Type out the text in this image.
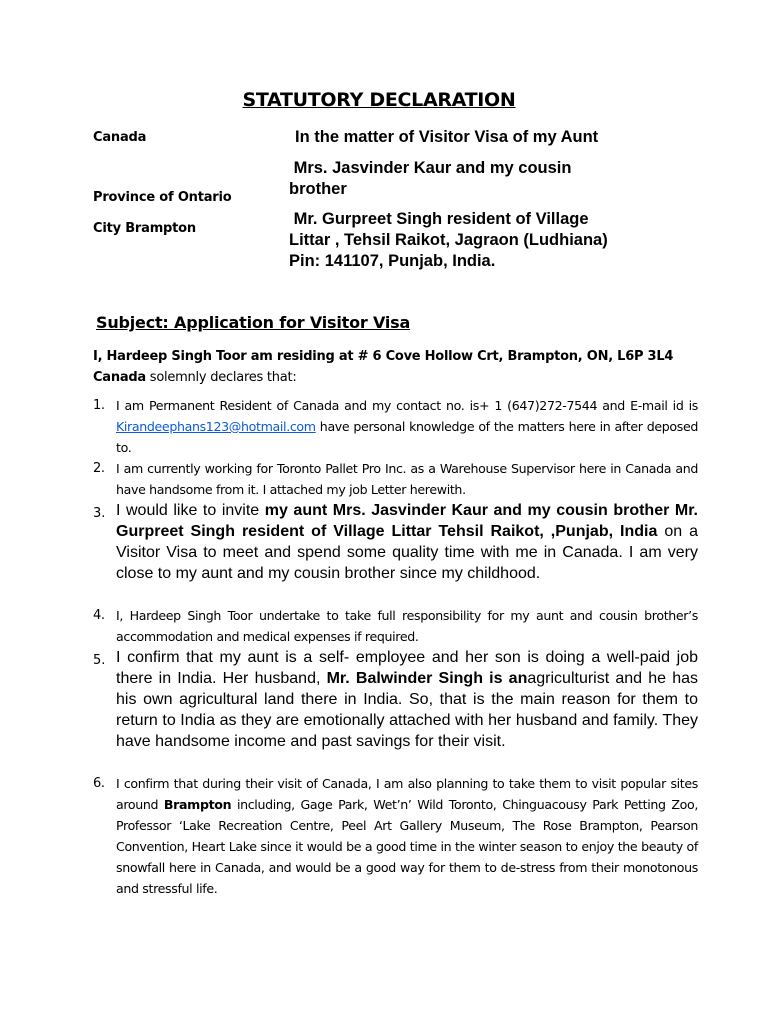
STATUTORY DECLARATION
Canada
Province of Ontario
City Brampton
In the matter of Visitor Visa of my Aunt
Mrs. Jasvinder Kaur and my cousin brother
Mr. Gurpreet Singh resident of Village Littar , Tehsil Raikot, Jagraon (Ludhiana) Pin: 141107, Punjab, India.
Subject: Application for Visitor Visa
I, Hardeep Singh Toor am residing at # 6 Cove Hollow Crt, Brampton, ON, L6P 3L4 Canada solemnly declares that:
1. I am Permanent Resident of Canada and my contact no. is+ 1 (647)272-7544 and E-mail id is Kirandeephans123@hotmail.com have personal knowledge of the matters here in after deposed to.
2. I am currently working for Toronto Pallet Pro Inc. as a Warehouse Supervisor here in Canada and have handsome from it. I attached my job Letter herewith.
3. I would like to invite my aunt Mrs. Jasvinder Kaur and my cousin brother Mr. Gurpreet Singh resident of Village Littar Tehsil Raikot, ,Punjab, India on a Visitor Visa to meet and spend some quality time with me in Canada. I am very close to my aunt and my cousin brother since my childhood.
4. I, Hardeep Singh Toor undertake to take full responsibility for my aunt and cousin brother’s accommodation and medical expenses if required.
5. I confirm that my aunt is a self- employee and her son is doing a well-paid job there in India. Her husband, Mr. Balwinder Singh is anagriculturist and he has his own agricultural land there in India. So, that is the main reason for them to return to India as they are emotionally attached with her husband and family. They have handsome income and past savings for their visit.
6. I confirm that during their visit of Canada, I am also planning to take them to visit popular sites around Brampton including, Gage Park, Wet’n’ Wild Toronto, Chinguacousy Park Petting Zoo, Professor ‘Lake Recreation Centre, Peel Art Gallery Museum, The Rose Brampton, Pearson Convention, Heart Lake since it would be a good time in the winter season to enjoy the beauty of snowfall here in Canada, and would be a good way for them to de-stress from their monotonous and stressful life.
